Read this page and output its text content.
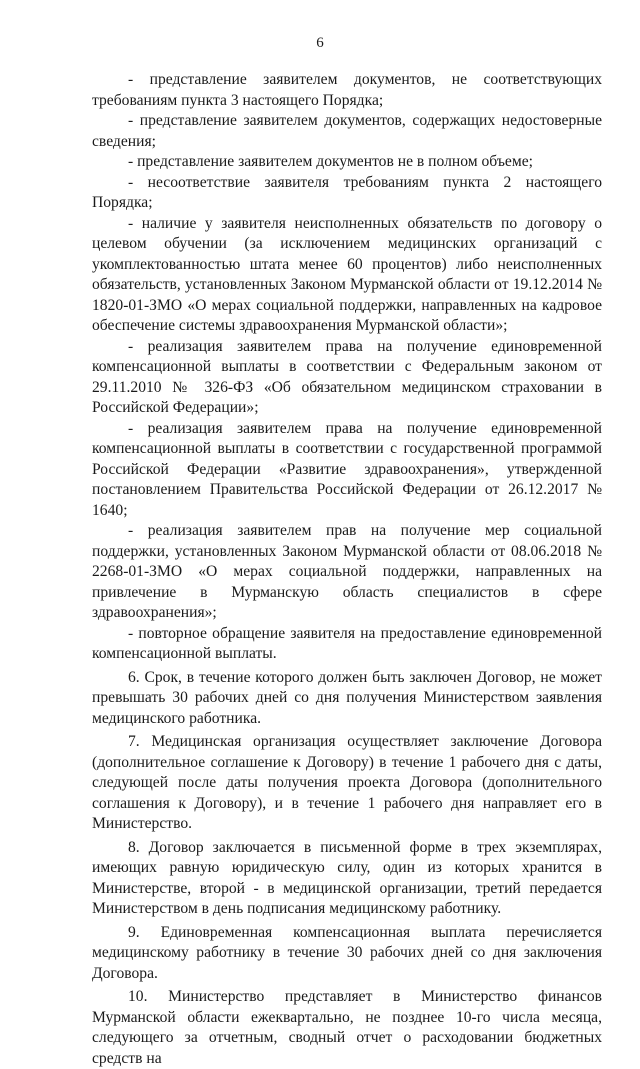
6

- представление заявителем документов, не соответствующих требованиям пункта 3 настоящего Порядка;

- представление заявителем документов, содержащих недостоверные сведения;

- представление заявителем документов не в полном объеме;

- несоответствие заявителя требованиям пункта 2 настоящего Порядка;

- наличие у заявителя неисполненных обязательств по договору о целевом обучении (за исключением медицинских организаций с укомплектованностью штата менее 60 процентов) либо неисполненных обязательств, установленных Законом Мурманской области от 19.12.2014 № 1820-01-ЗМО «О мерах социальной поддержки, направленных на кадровое обеспечение системы здравоохранения Мурманской области»;

- реализация заявителем права на получение единовременной компенсационной выплаты в соответствии с Федеральным законом от 29.11.2010 № 326-ФЗ «Об обязательном медицинском страховании в Российской Федерации»;

- реализация заявителем права на получение единовременной компенсационной выплаты в соответствии с государственной программой Российской Федерации «Развитие здравоохранения», утвержденной постановлением Правительства Российской Федерации от 26.12.2017 № 1640;

- реализация заявителем прав на получение мер социальной поддержки, установленных Законом Мурманской области от 08.06.2018 № 2268-01-ЗМО «О мерах социальной поддержки, направленных на привлечение в Мурманскую область специалистов в сфере здравоохранения»;

- повторное обращение заявителя на предоставление единовременной компенсационной выплаты.

6. Срок, в течение которого должен быть заключен Договор, не может превышать 30 рабочих дней со дня получения Министерством заявления медицинского работника.

7. Медицинская организация осуществляет заключение Договора (дополнительное соглашение к Договору) в течение 1 рабочего дня с даты, следующей после даты получения проекта Договора (дополнительного соглашения к Договору), и в течение 1 рабочего дня направляет его в Министерство.

8. Договор заключается в письменной форме в трех экземплярах, имеющих равную юридическую силу, один из которых хранится в Министерстве, второй - в медицинской организации, третий передается Министерством в день подписания медицинскому работнику.

9. Единовременная компенсационная выплата перечисляется медицинскому работнику в течение 30 рабочих дней со дня заключения Договора.

10. Министерство представляет в Министерство финансов Мурманской области ежеквартально, не позднее 10-го числа месяца, следующего за отчетным, сводный отчет о расходовании бюджетных средств на
